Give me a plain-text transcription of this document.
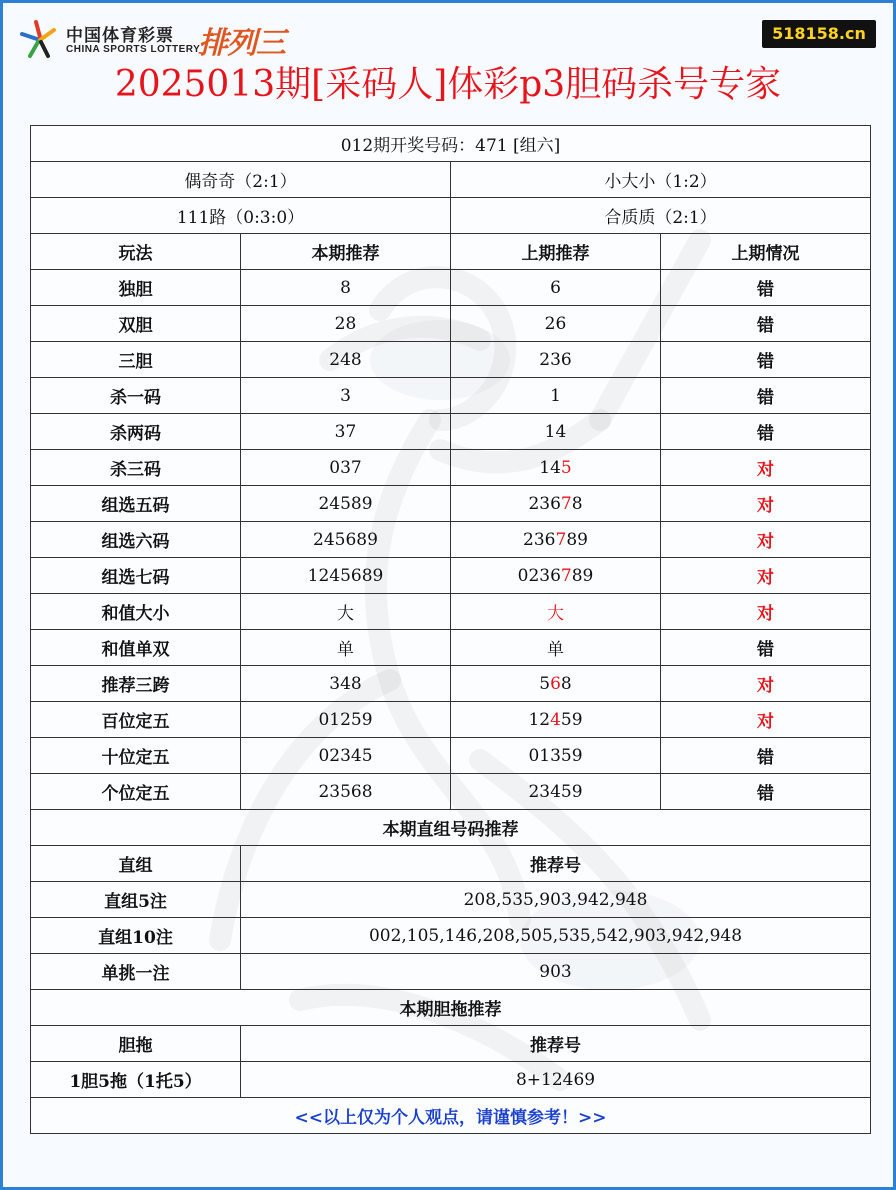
中国体育彩票
CHINA SPORTS LOTTERY
排列三	518158.cn
2025013期[采码人]体彩p3胆码杀号专家
012期开奖号码：471 [组六]			
偶奇奇（2:1）		小大小（1:2）	
111路（0:3:0）		合质质（2:1）	
玩法	本期推荐	上期推荐	上期情况
独胆	8	6	错
双胆	28	26	错
三胆	248	236	错
杀一码	3	1	错
杀两码	37	14	错
杀三码	037	145	对
组选五码	24589	23678	对
组选六码	245689	236789	对
组选七码	1245689	0236789	对
和值大小	大	大	对
和值单双	单	单	错
推荐三跨	348	568	对
百位定五	01259	12459	对
十位定五	02345	01359	错
个位定五	23568	23459	错
本期直组号码推荐			
直组	推荐号		
直组5注	208,535,903,942,948		
直组10注	002,105,146,208,505,535,542,903,942,948		
单挑一注	903		
本期胆拖推荐			
胆拖	推荐号		
1胆5拖（1托5）	8+12469		
<<以上仅为个人观点，请谨慎参考！>>			
